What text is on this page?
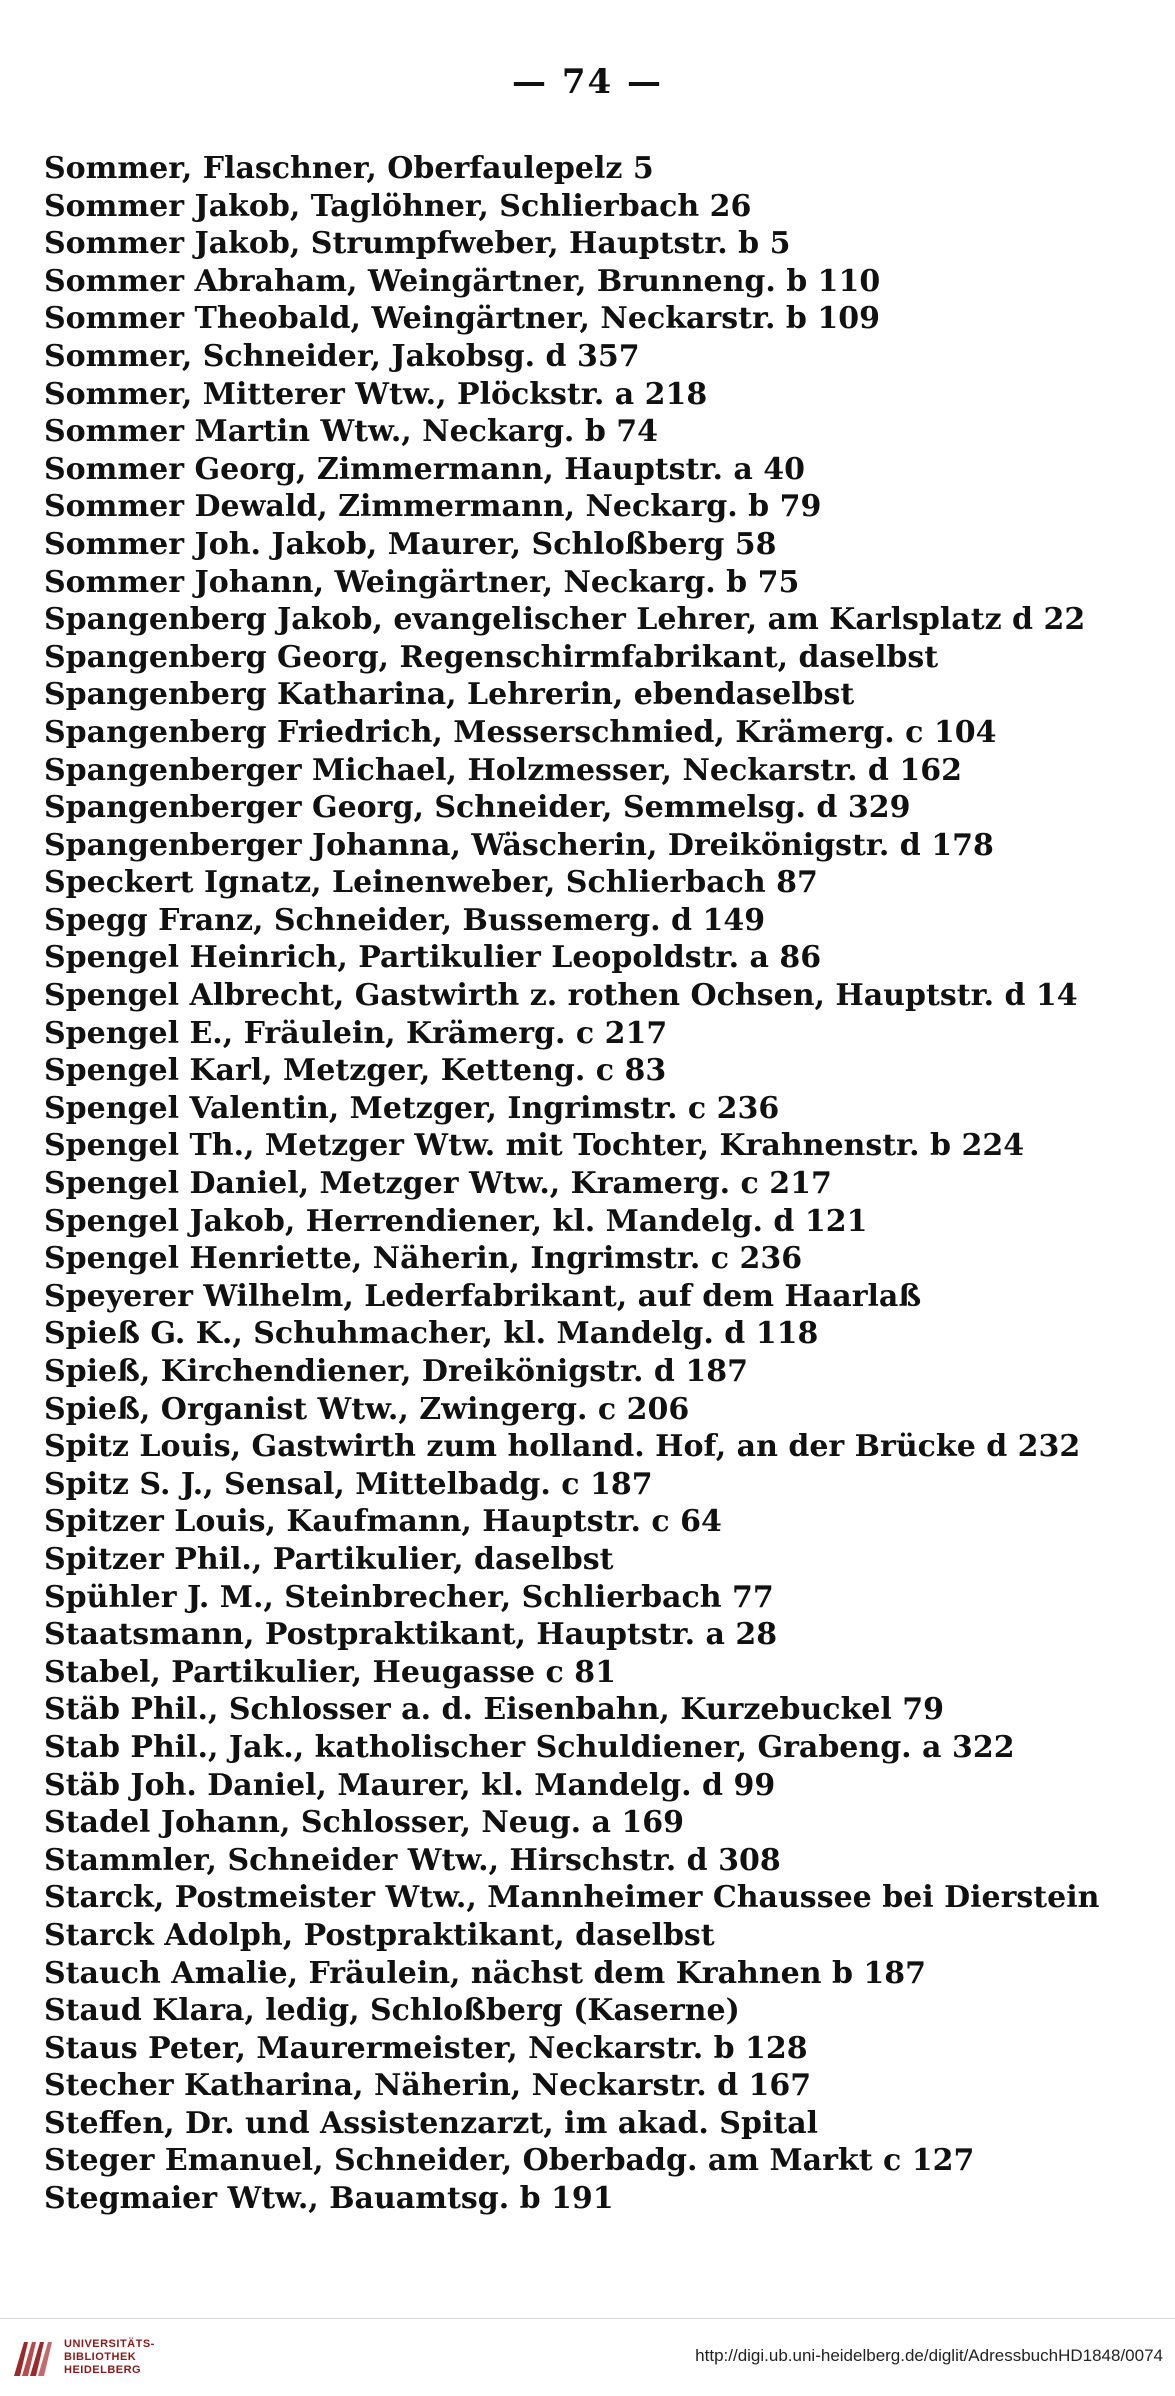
— 74 —
Sommer, Flaschner, Oberfaulepelz 5
Sommer Jakob, Taglöhner, Schlierbach 26
Sommer Jakob, Strumpfweber, Hauptstr. b 5
Sommer Abraham, Weingärtner, Brunneng. b 110
Sommer Theobald, Weingärtner, Neckarstr. b 109
Sommer, Schneider, Jakobsg. d 357
Sommer, Mitterer Wtw., Plöckstr. a 218
Sommer Martin Wtw., Neckarg. b 74
Sommer Georg, Zimmermann, Hauptstr. a 40
Sommer Dewald, Zimmermann, Neckarg. b 79
Sommer Joh. Jakob, Maurer, Schloßberg 58
Sommer Johann, Weingärtner, Neckarg. b 75
Spangenberg Jakob, evangelischer Lehrer, am Karlsplatz d 22
Spangenberg Georg, Regenschirmfabrikant, daselbst
Spangenberg Katharina, Lehrerin, ebendaselbst
Spangenberg Friedrich, Messerschmied, Krämerg. c 104
Spangenberger Michael, Holzmesser, Neckarstr. d 162
Spangenberger Georg, Schneider, Semmelsg. d 329
Spangenberger Johanna, Wäscherin, Dreikönigstr. d 178
Speckert Ignatz, Leinenweber, Schlierbach 87
Spegg Franz, Schneider, Bussemerg. d 149
Spengel Heinrich, Partikulier Leopoldstr. a 86
Spengel Albrecht, Gastwirth z. rothen Ochsen, Hauptstr. d 14
Spengel E., Fräulein, Krämerg. c 217
Spengel Karl, Metzger, Ketteng. c 83
Spengel Valentin, Metzger, Ingrimstr. c 236
Spengel Th., Metzger Wtw. mit Tochter, Krahnenstr. b 224
Spengel Daniel, Metzger Wtw., Kramerg. c 217
Spengel Jakob, Herrendiener, kl. Mandelg. d 121
Spengel Henriette, Näherin, Ingrimstr. c 236
Speyerer Wilhelm, Lederfabrikant, auf dem Haarlaß
Spieß G. K., Schuhmacher, kl. Mandelg. d 118
Spieß, Kirchendiener, Dreikönigstr. d 187
Spieß, Organist Wtw., Zwingerg. c 206
Spitz Louis, Gastwirth zum holland. Hof, an der Brücke d 232
Spitz S. J., Sensal, Mittelbadg. c 187
Spitzer Louis, Kaufmann, Hauptstr. c 64
Spitzer Phil., Partikulier, daselbst
Spühler J. M., Steinbrecher, Schlierbach 77
Staatsmann, Postpraktikant, Hauptstr. a 28
Stabel, Partikulier, Heugasse c 81
Stäb Phil., Schlosser a. d. Eisenbahn, Kurzebuckel 79
Stab Phil., Jak., katholischer Schuldiener, Grabeng. a 322
Stäb Joh. Daniel, Maurer, kl. Mandelg. d 99
Stadel Johann, Schlosser, Neug. a 169
Stammler, Schneider Wtw., Hirschstr. d 308
Starck, Postmeister Wtw., Mannheimer Chaussee bei Dierstein
Starck Adolph, Postpraktikant, daselbst
Stauch Amalie, Fräulein, nächst dem Krahnen b 187
Staud Klara, ledig, Schloßberg (Kaserne)
Staus Peter, Maurermeister, Neckarstr. b 128
Stecher Katharina, Näherin, Neckarstr. d 167
Steffen, Dr. und Assistenzarzt, im akad. Spital
Steger Emanuel, Schneider, Oberbadg. am Markt c 127
Stegmaier Wtw., Bauamtsg. b 191
UNIVERSITÄTS-
BIBLIOTHEK
HEIDELBERG
http://digi.ub.uni-heidelberg.de/diglit/AdressbuchHD1848/0074
